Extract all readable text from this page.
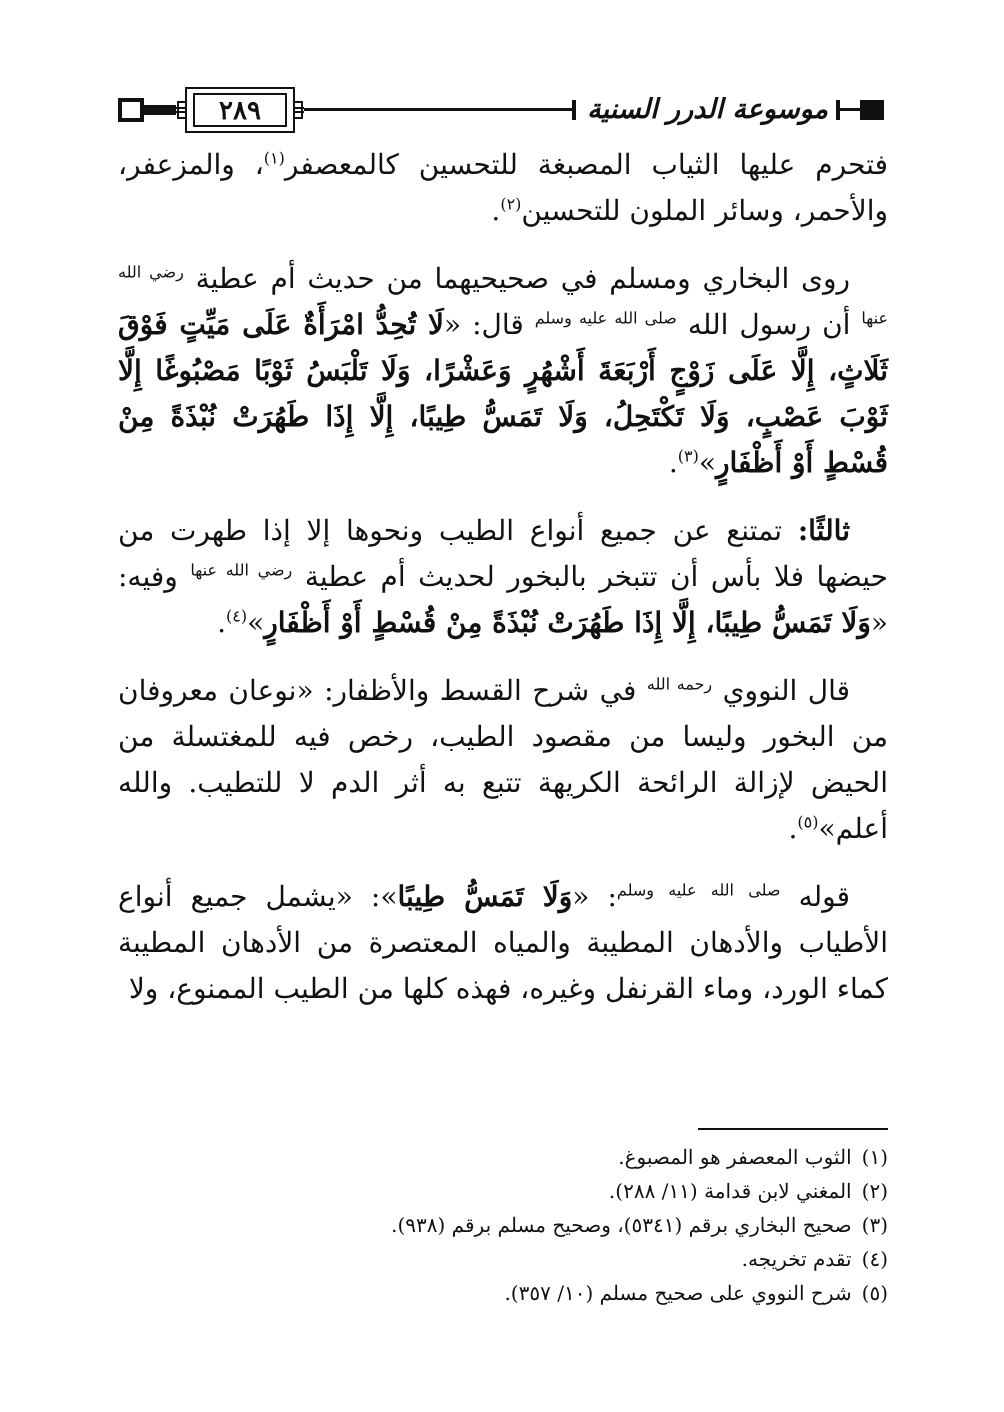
٢٨٩	موسوعة الدرر السنية

فتحرم عليها الثياب المصبغة للتحسين كالمعصفر$^{(١)}$، والمزعفر، والأحمر، وسائر الملون للتحسين$^{(٢)}$.

روى البخاري ومسلم في صحيحيهما من حديث أم عطية $^{رضي الله عنها}$ أن رسول الله $^{صلى الله عليه وسلم}$ قال: «لَا تُحِدُّ امْرَأَةٌ عَلَى مَيِّتٍ فَوْقَ ثَلَاثٍ، إِلَّا عَلَى زَوْجٍ أَرْبَعَةَ أَشْهُرٍ وَعَشْرًا، وَلَا تَلْبَسُ ثَوْبًا مَصْبُوغًا إِلَّا ثَوْبَ عَصْبٍ، وَلَا تَكْتَحِلُ، وَلَا تَمَسُّ طِيبًا، إِلَّا إِذَا طَهُرَتْ نُبْذَةً مِنْ قُسْطٍ أَوْ أَظْفَارٍ»$^{(٣)}$.

ثالثًا: تمتنع عن جميع أنواع الطيب ونحوها إلا إذا طهرت من حيضها فلا بأس أن تتبخر بالبخور لحديث أم عطية $^{رضي الله عنها}$ وفيه: «وَلَا تَمَسُّ طِيبًا، إِلَّا إِذَا طَهُرَتْ نُبْذَةً مِنْ قُسْطٍ أَوْ أَظْفَارٍ»$^{(٤)}$.

قال النووي $^{رحمه الله}$ في شرح القسط والأظفار: «نوعان معروفان من البخور وليسا من مقصود الطيب، رخص فيه للمغتسلة من الحيض لإزالة الرائحة الكريهة تتبع به أثر الدم لا للتطيب. والله أعلم»$^{(٥)}$.

قوله $^{صلى الله عليه وسلم}$: «وَلَا تَمَسُّ طِيبًا»: «يشمل جميع أنواع الأطياب والأدهان المطيبة والمياه المعتصرة من الأدهان المطيبة كماء الورد، وماء القرنفل وغيره، فهذه كلها من الطيب الممنوع، ولا

(١)الثوب المعصفر هو المصبوغ.

(٢)المغني لابن قدامة (١١/ ٢٨٨).

(٣)صحيح البخاري برقم (٥٣٤١)، وصحيح مسلم برقم (٩٣٨).

(٤)تقدم تخريجه.

(٥)شرح النووي على صحيح مسلم (١٠/ ٣٥٧).
